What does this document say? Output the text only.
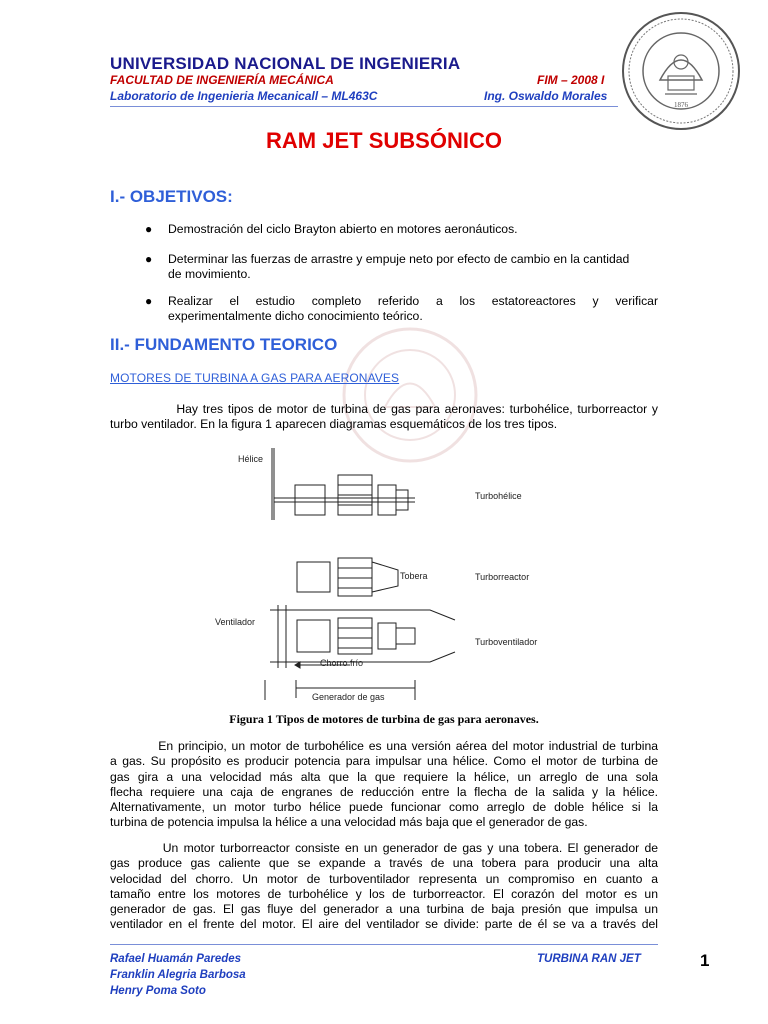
UNIVERSIDAD NACIONAL DE INGENIERIA
FACULTAD DE INGENIERÍA MECÁNICA	FIM – 2008 I
Laboratorio de Ingenieria Mecanicall – ML463C	Ing. Oswaldo Morales
1876
RAM JET SUBSÓNICO
I.- OBJETIVOS:
● Demostración del ciclo Brayton abierto en motores aeronáuticos.
● Determinar las fuerzas de arrastre y empuje neto por efecto de cambio en la cantidad
de movimiento.
● Realizar el estudio completo referido a los estatoreactores y verificar
experimentalmente dicho conocimiento teórico.
II.- FUNDAMENTO TEORICO
MOTORES DE TURBINA A GAS PARA AERONAVES
Hay tres tipos de motor de turbina de gas para aeronaves: turbohélice, turborreactor y
turbo ventilador. En la figura 1 aparecen diagramas esquemáticos de los tres tipos.
Hélice
Turbohélice
Tobera	Turborreactor
Ventilador
Turboventilador
Chorro frío
Generador de gas
Figura 1 Tipos de motores de turbina de gas para aeronaves.
En principio, un motor de turbohélice es una versión aérea del motor industrial de turbina
a gas. Su propósito es producir potencia para impulsar una hélice. Como el motor de turbina de
gas gira a una velocidad más alta que la que requiere la hélice, un arreglo de una sola
flecha requiere una caja de engranes de reducción entre la flecha de la salida y la hélice.
Alternativamente, un motor turbo hélice puede funcionar como arreglo de doble hélice si la
turbina de potencia impulsa la hélice a una velocidad más baja que el generador de gas.
Un motor turborreactor consiste en un generador de gas y una tobera. El generador de
gas produce gas caliente que se expande a través de una tobera para producir una alta
velocidad del chorro. Un motor de turboventilador representa un compromiso en cuanto a
tamaño entre los motores de turbohélice y los de turborreactor. El corazón del motor es un
generador de gas. El gas fluye del generador a una turbina de baja presión que impulsa un
ventilador en el frente del motor. El aire del ventilador se divide: parte de él se va a través del
Rafael Huamán Paredes
Franklin Alegria Barbosa
Henry Poma Soto
TURBINA RAN JET	1
